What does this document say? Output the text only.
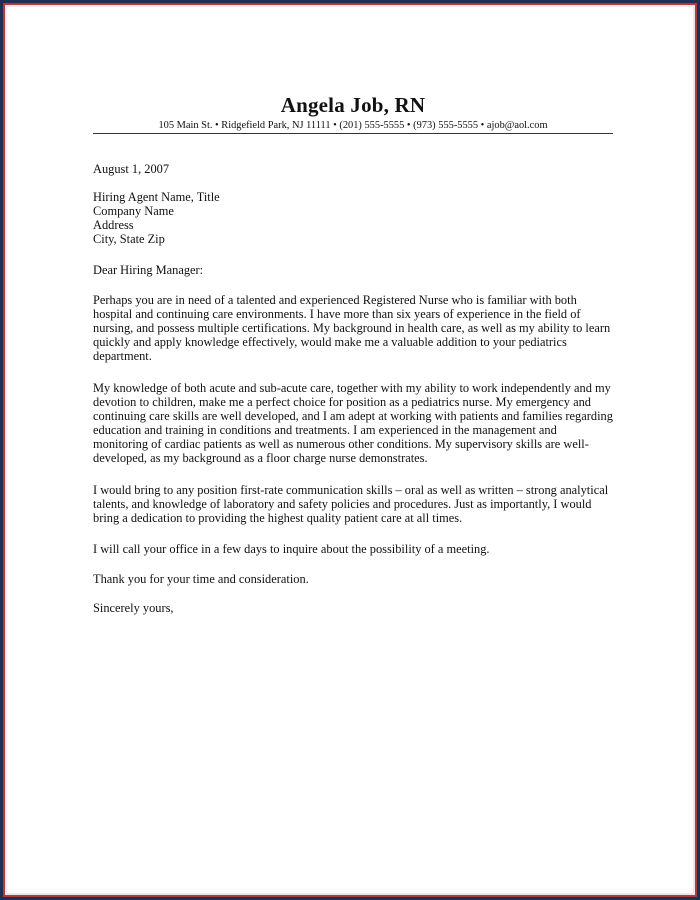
Angela Job, RN
105 Main St. • Ridgefield Park, NJ 11111 • (201) 555-5555 • (973) 555-5555 • ajob@aol.com
August 1, 2007
Hiring Agent Name, Title
Company Name
Address
City, State Zip
Dear Hiring Manager:

Perhaps you are in need of a talented and experienced Registered Nurse who is familiar with both hospital and continuing care environments. I have more than six years of experience in the field of nursing, and possess multiple certifications. My background in health care, as well as my ability to learn quickly and apply knowledge effectively, would make me a valuable addition to your pediatrics department.

My knowledge of both acute and sub-acute care, together with my ability to work independently and my devotion to children, make me a perfect choice for position as a pediatrics nurse. My emergency and continuing care skills are well developed, and I am adept at working with patients and families regarding education and training in conditions and treatments. I am experienced in the management and monitoring of cardiac patients as well as numerous other conditions. My supervisory skills are well-developed, as my background as a floor charge nurse demonstrates.

I would bring to any position first-rate communication skills – oral as well as written – strong analytical talents, and knowledge of laboratory and safety policies and procedures. Just as importantly, I would bring a dedication to providing the highest quality patient care at all times.

I will call your office in a few days to inquire about the possibility of a meeting.

Thank you for your time and consideration.

Sincerely yours,
